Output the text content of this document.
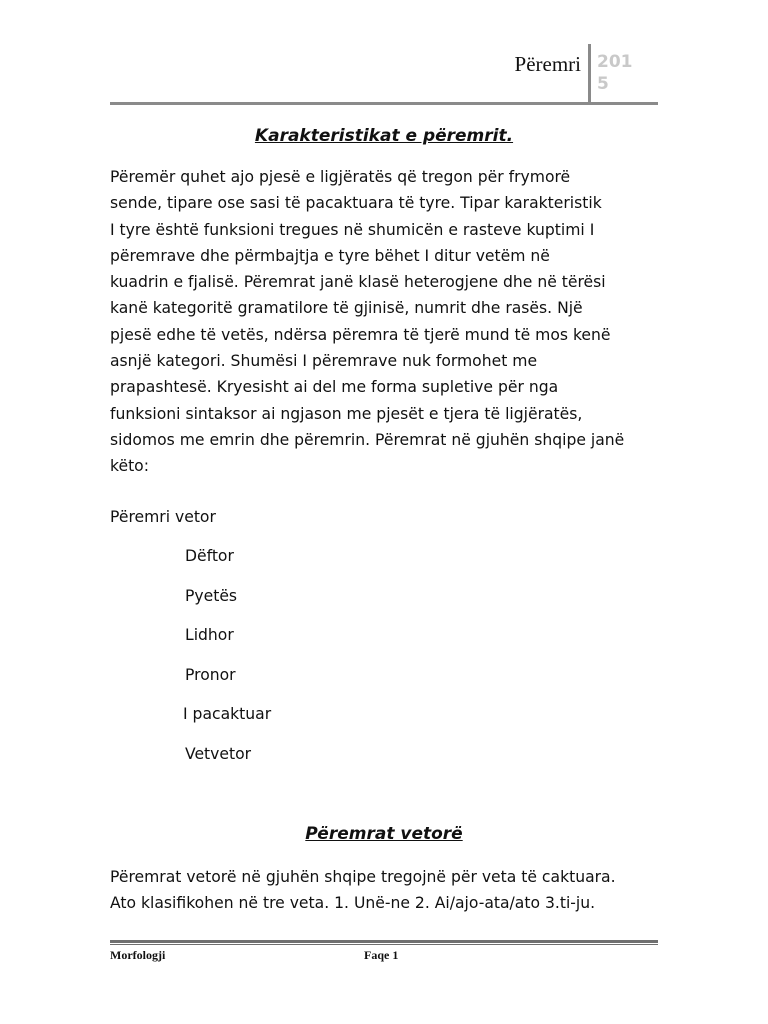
Përemri 2015
Karakteristikat e përemrit.
Përemër quhet ajo pjesë e ligjëratës që tregon për frymorë
sende, tipare ose sasi të pacaktuara të tyre. Tipar karakteristik
I tyre është funksioni tregues në shumicën e rasteve kuptimi I
përemrave dhe përmbajtja e tyre bëhet I ditur vetëm në
kuadrin e fjalisë. Përemrat janë klasë heterogjene dhe në tërësi
kanë kategoritë gramatilore të gjinisë, numrit dhe rasës. Një
pjesë edhe të vetës, ndërsa përemra të tjerë mund të mos kenë
asnjë kategori. Shumësi I përemrave nuk formohet me
prapashtesë. Kryesisht ai del me forma supletive për nga
funksioni sintaksor ai ngjason me pjesët e tjera të ligjëratës,
sidomos me emrin dhe përemrin. Përemrat në gjuhën shqipe janë
këto:
Përemri vetor
Dëftor
Pyetës
Lidhor
Pronor
I pacaktuar
Vetvetor
Përemrat vetorë
Përemrat vetorë në gjuhën shqipe tregojnë për veta të caktuara.
Ato klasifikohen në tre veta. 1. Unë-ne 2. Ai/ajo-ata/ato 3.ti-ju.
Morfologji	Faqe 1
